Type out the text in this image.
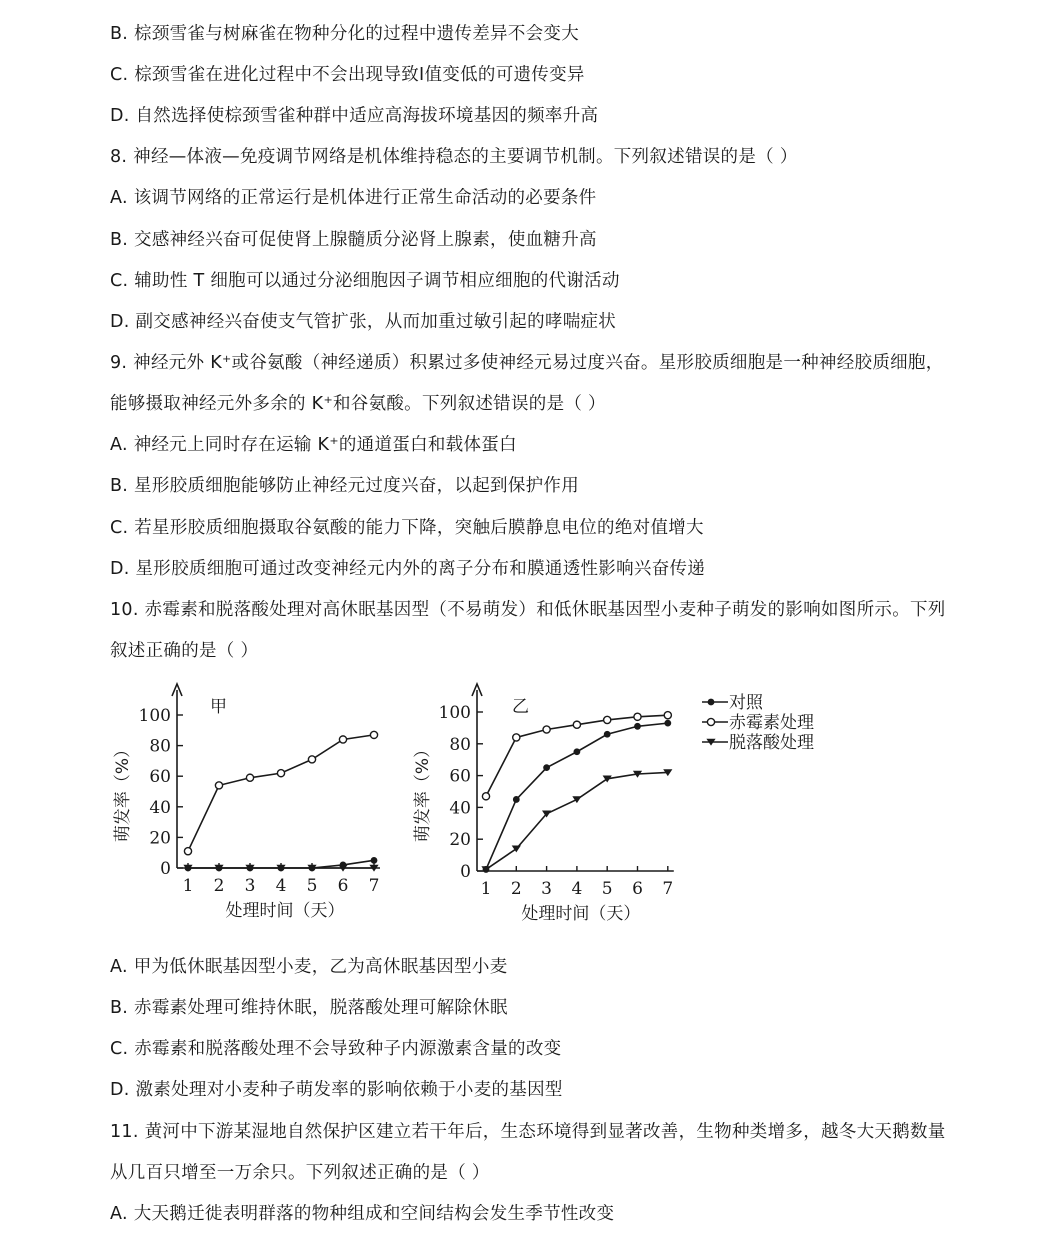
B. 棕颈雪雀与树麻雀在物种分化的过程中遗传差异不会变大
C. 棕颈雪雀在进化过程中不会出现导致Ⅰ值变低的可遗传变异
D. 自然选择使棕颈雪雀种群中适应高海拔环境基因的频率升高
8. 神经—体液—免疫调节网络是机体维持稳态的主要调节机制。下列叙述错误的是（ ）
A. 该调节网络的正常运行是机体进行正常生命活动的必要条件
B. 交感神经兴奋可促使肾上腺髓质分泌肾上腺素，使血糖升高
C. 辅助性 T 细胞可以通过分泌细胞因子调节相应细胞的代谢活动
D. 副交感神经兴奋使支气管扩张，从而加重过敏引起的哮喘症状
9. 神经元外 K⁺或谷氨酸（神经递质）积累过多使神经元易过度兴奋。星形胶质细胞是一种神经胶质细胞，
能够摄取神经元外多余的 K⁺和谷氨酸。下列叙述错误的是（ ）
A. 神经元上同时存在运输 K⁺的通道蛋白和载体蛋白
B. 星形胶质细胞能够防止神经元过度兴奋，以起到保护作用
C. 若星形胶质细胞摄取谷氨酸的能力下降，突触后膜静息电位的绝对值增大
D. 星形胶质细胞可通过改变神经元内外的离子分布和膜通透性影响兴奋传递
10. 赤霉素和脱落酸处理对高休眠基因型（不易萌发）和低休眠基因型小麦种子萌发的影响如图所示。下列
叙述正确的是（ ）
A. 甲为低休眠基因型小麦，乙为高休眠基因型小麦
B. 赤霉素处理可维持休眠，脱落酸处理可解除休眠
C. 赤霉素和脱落酸处理不会导致种子内源激素含量的改变
D. 激素处理对小麦种子萌发率的影响依赖于小麦的基因型
11. 黄河中下游某湿地自然保护区建立若干年后，生态环境得到显著改善，生物种类增多，越冬大天鹅数量
从几百只增至一万余只。下列叙述正确的是（ ）
A. 大天鹅迁徙表明群落的物种组成和空间结构会发生季节性改变
0
20
40
60
80
100
1 2 3 4 5 6 7
甲
处理时间（天）
萌发率（%）
0
20
40
60
80
100
1 2 3 4 5 6 7
乙
处理时间（天）
萌发率（%）
对照
赤霉素处理
脱落酸处理
